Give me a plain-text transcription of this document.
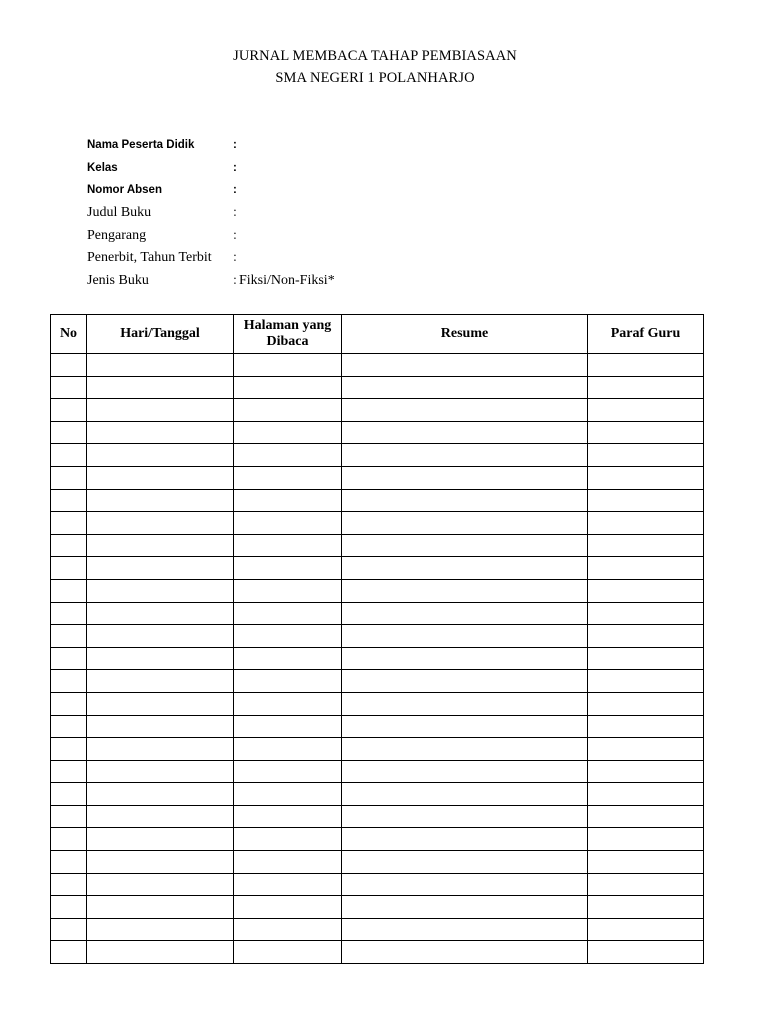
JURNAL MEMBACA TAHAP PEMBIASAAN
SMA NEGERI 1 POLANHARJO
Nama Peserta Didik	:
Kelas	:
Nomor Absen	:
Judul Buku	:
Pengarang	:
Penerbit, Tahun Terbit :
Jenis Buku	: Fiksi/Non-Fiksi*
No	Hari/Tanggal	Halaman yang Dibaca	Resume	Paraf Guru
